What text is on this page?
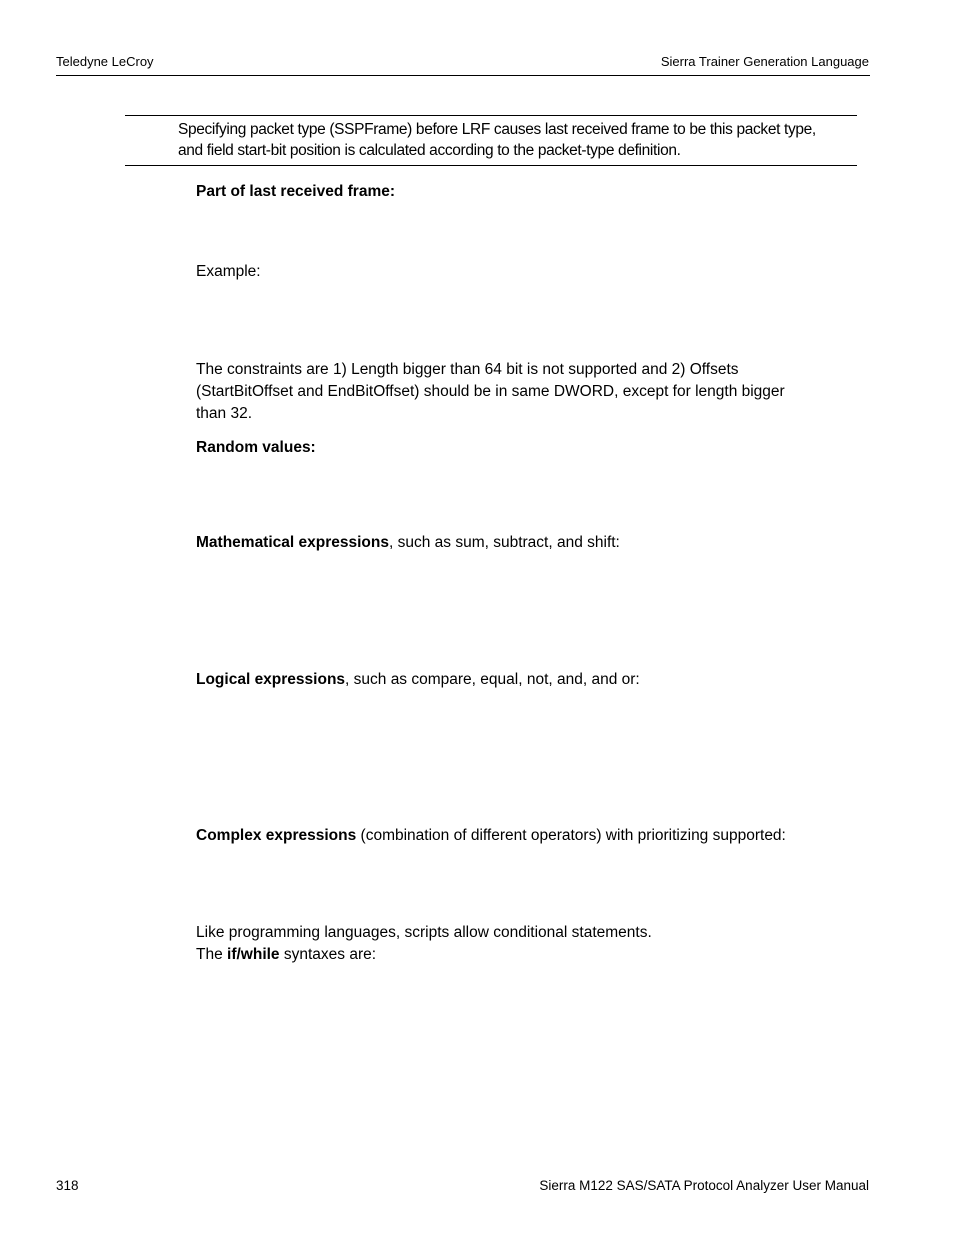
Teledyne LeCroy	Sierra Trainer Generation Language
Specifying packet type (SSPFrame) before LRF causes last received frame to be this packet type,
and field start-bit position is calculated according to the packet-type definition.
Part of last received frame:
Example:
The constraints are 1) Length bigger than 64 bit is not supported and 2) Offsets
(StartBitOffset and EndBitOffset) should be in same DWORD, except for length bigger
than 32.
Random values:
Mathematical expressions, such as sum, subtract, and shift:
Logical expressions, such as compare, equal, not, and, and or:
Complex expressions (combination of different operators) with prioritizing supported:
Like programming languages, scripts allow conditional statements.
The if/while syntaxes are:
318	Sierra M122 SAS/SATA Protocol Analyzer User Manual
